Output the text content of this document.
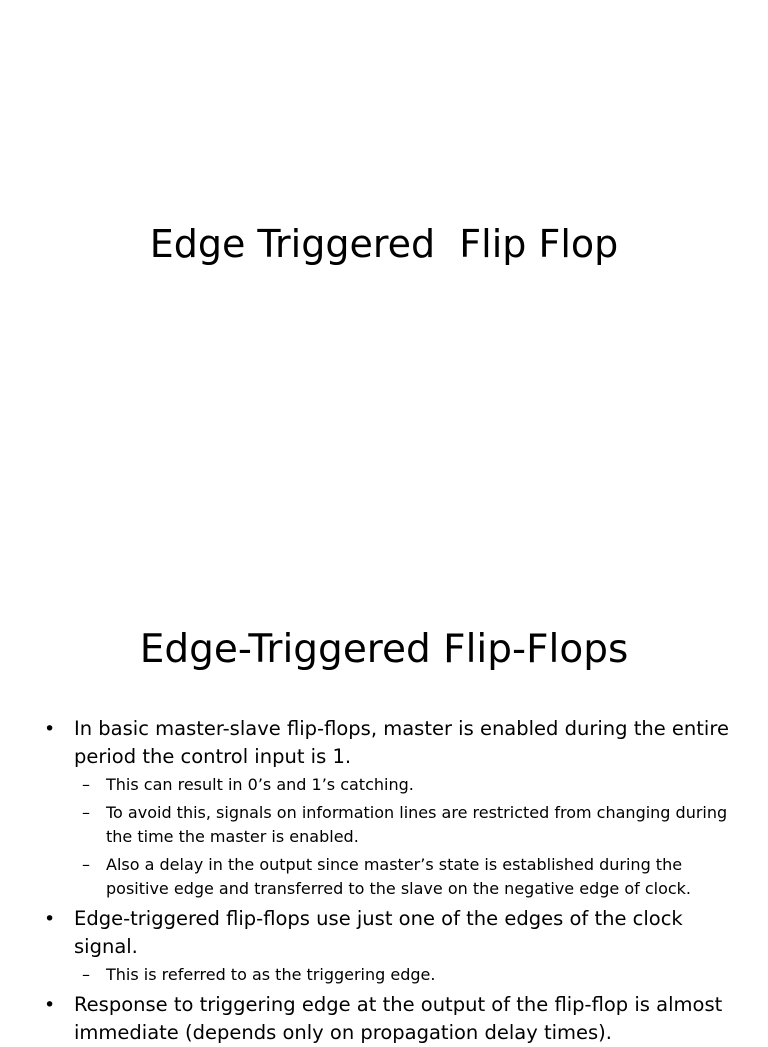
Edge Triggered  Flip Flop
Edge-Triggered Flip-Flops
• In basic master-slave flip-flops, master is enabled during the entire period the control input is 1.
– This can result in 0’s and 1’s catching.
– To avoid this, signals on information lines are restricted from changing during the time the master is enabled.
– Also a delay in the output since master’s state is established during the positive edge and transferred to the slave on the negative edge of clock.
• Edge-triggered flip-flops use just one of the edges of the clock signal.
– This is referred to as the triggering edge.
• Response to triggering edge at the output of the flip-flop is almost immediate (depends only on propagation delay times).
